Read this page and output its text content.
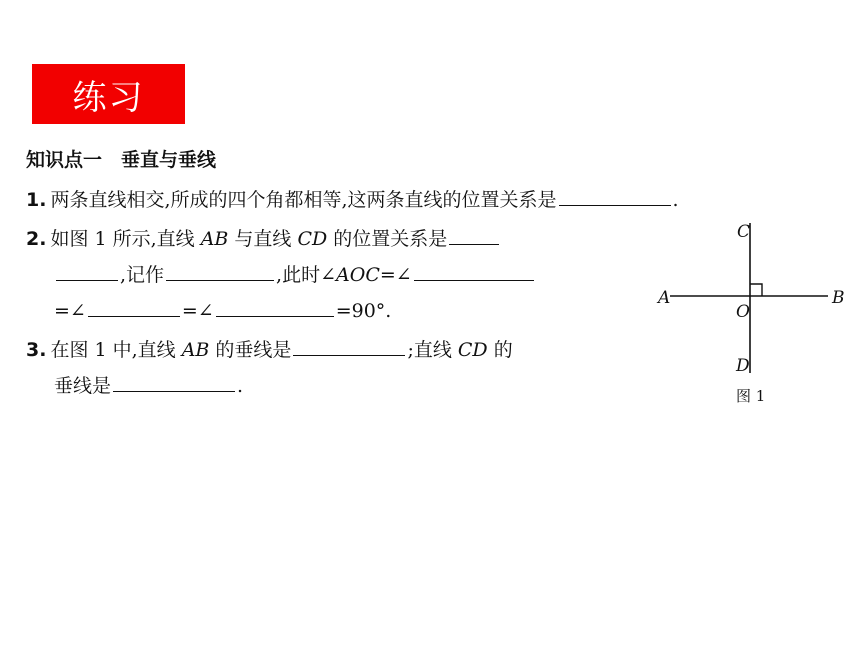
练习
知识点一　垂直与垂线
1. 两条直线相交,所成的四个角都相等,这两条直线的位置关系是	.
2. 如图 1 所示,直线 AB 与直线 CD 的位置关系是
,记作	,此时∠AOC=∠
=∠	=∠	=90°.
3. 在图 1 中,直线 AB 的垂线是	;直线 CD 的
垂线是	.
A	B
C
D
O
图 1
